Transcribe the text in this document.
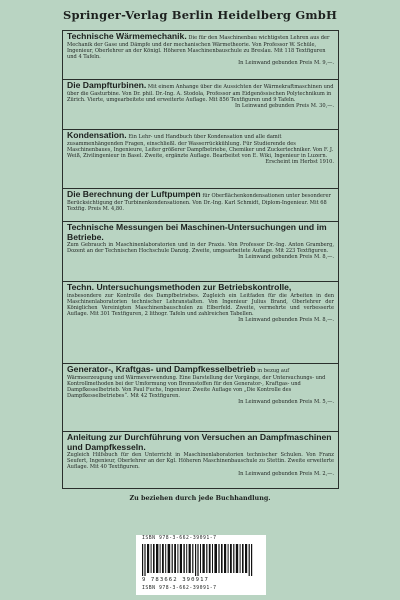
Springer-Verlag Berlin Heidelberg GmbH
Technische Wärmemechanik. Die für den Maschinenbau wichtigsten Lehren aus der Mechanik der Gase und Dämpfe und der mechanischen Wärmetheorie. Von Professor W. Schüle, Ingenieur, Oberlehrer an der Königl. Höheren Maschinenbauschule zu Breslau. Mit 118 Textfiguren und 4 Tafeln.
In Leinwand gebunden Preis M. 9,—.
Die Dampfturbinen. Mit einem Anhange über die Aussichten der Wärmekraftmaschinen und über die Gasturbine. Von Dr. phil. Dr.-Ing. A. Stodola, Professor am Eidgenössischen Polytechnikum in Zürich. Vierte, umgearbeitete und erweiterte Auflage. Mit 856 Textfiguren und 9 Tafeln.
In Leinwand gebunden Preis M. 30,—.
Kondensation. Ein Lehr- und Handbuch über Kondensation und alle damit zusammenhängenden Fragen, einschließl. der Wasserrückkühlung. Für Studierende des Maschinenbaues, Ingenieure, Leiter größerer Dampfbetriebe, Chemiker und Zuckertechniker. Von F. J. Weiß, Zivilingenieur in Basel. Zweite, ergänzte Auflage. Bearbeitet von E. Wiki, Ingenieur in Luzern.
Erscheint im Herbst 1910.
Die Berechnung der Luftpumpen für Oberflächenkondensationen unter besonderer Berücksichtigung der Turbinenkondensationen. Von Dr.-Ing. Karl Schmidt, Diplom-Ingenieur. Mit 68 Textfig. Preis M. 4,80.
Technische Messungen bei Maschinen-Untersuchungen und im Betriebe.
Zum Gebrauch in Maschinenlaboratorien und in der Praxis. Von Professor Dr.-Ing. Anton Gramberg, Dozent an der Technischen Hochschule Danzig. Zweite, umgearbeitete Auflage. Mit 223 Textfiguren.
In Leinwand gebunden Preis M. 8,—.
Techn. Untersuchungsmethoden zur Betriebskontrolle,
insbesondere zur Kontrolle des Dampfbetriebes. Zugleich ein Leitfaden für die Arbeiten in den Maschinenlaboratorien technischer Lehranstalten. Von Ingenieur Julius Brand, Oberlehrer der Königlichen Vereinigten Maschinenbauschulen zu Elberfeld. Zweite, vermehrte und verbesserte Auflage. Mit 301 Textfiguren, 2 lithogr. Tafeln und zahlreichen Tabellen.
In Leinwand gebunden Preis M. 8,—.
Generator-, Kraftgas- und Dampfkesselbetrieb in bezug auf Wärmeerzeugung und Wärmeverwendung. Eine Darstellung der Vorgänge, der Untersuchungs- und Kontrollmethoden bei der Umformung von Brennstoffen für den Generator-, Kraftgas- und Dampfkesselbetrieb. Von Paul Fuchs, Ingenieur. Zweite Auflage von „Die Kontrolle des Dampfkesselbetriebes“. Mit 42 Textfiguren.
In Leinwand gebunden Preis M. 5,—.
Anleitung zur Durchführung von Versuchen an Dampfmaschinen und Dampfkesseln.
Zugleich Hilfsbuch für den Unterricht in Maschinenlaboratorien technischer Schulen. Von Franz Seufert, Ingenieur, Oberlehrer an der Kgl. Höheren Maschinenbauschule zu Stettin. Zweite erweiterte Auflage. Mit 40 Textfiguren.
In Leinwand gebunden Preis M. 2,—.
Zu beziehen durch jede Buchhandlung.
ISBN 978-3-662-39091-7
9 783662 390917
ISBN 978-3-662-39091-7
